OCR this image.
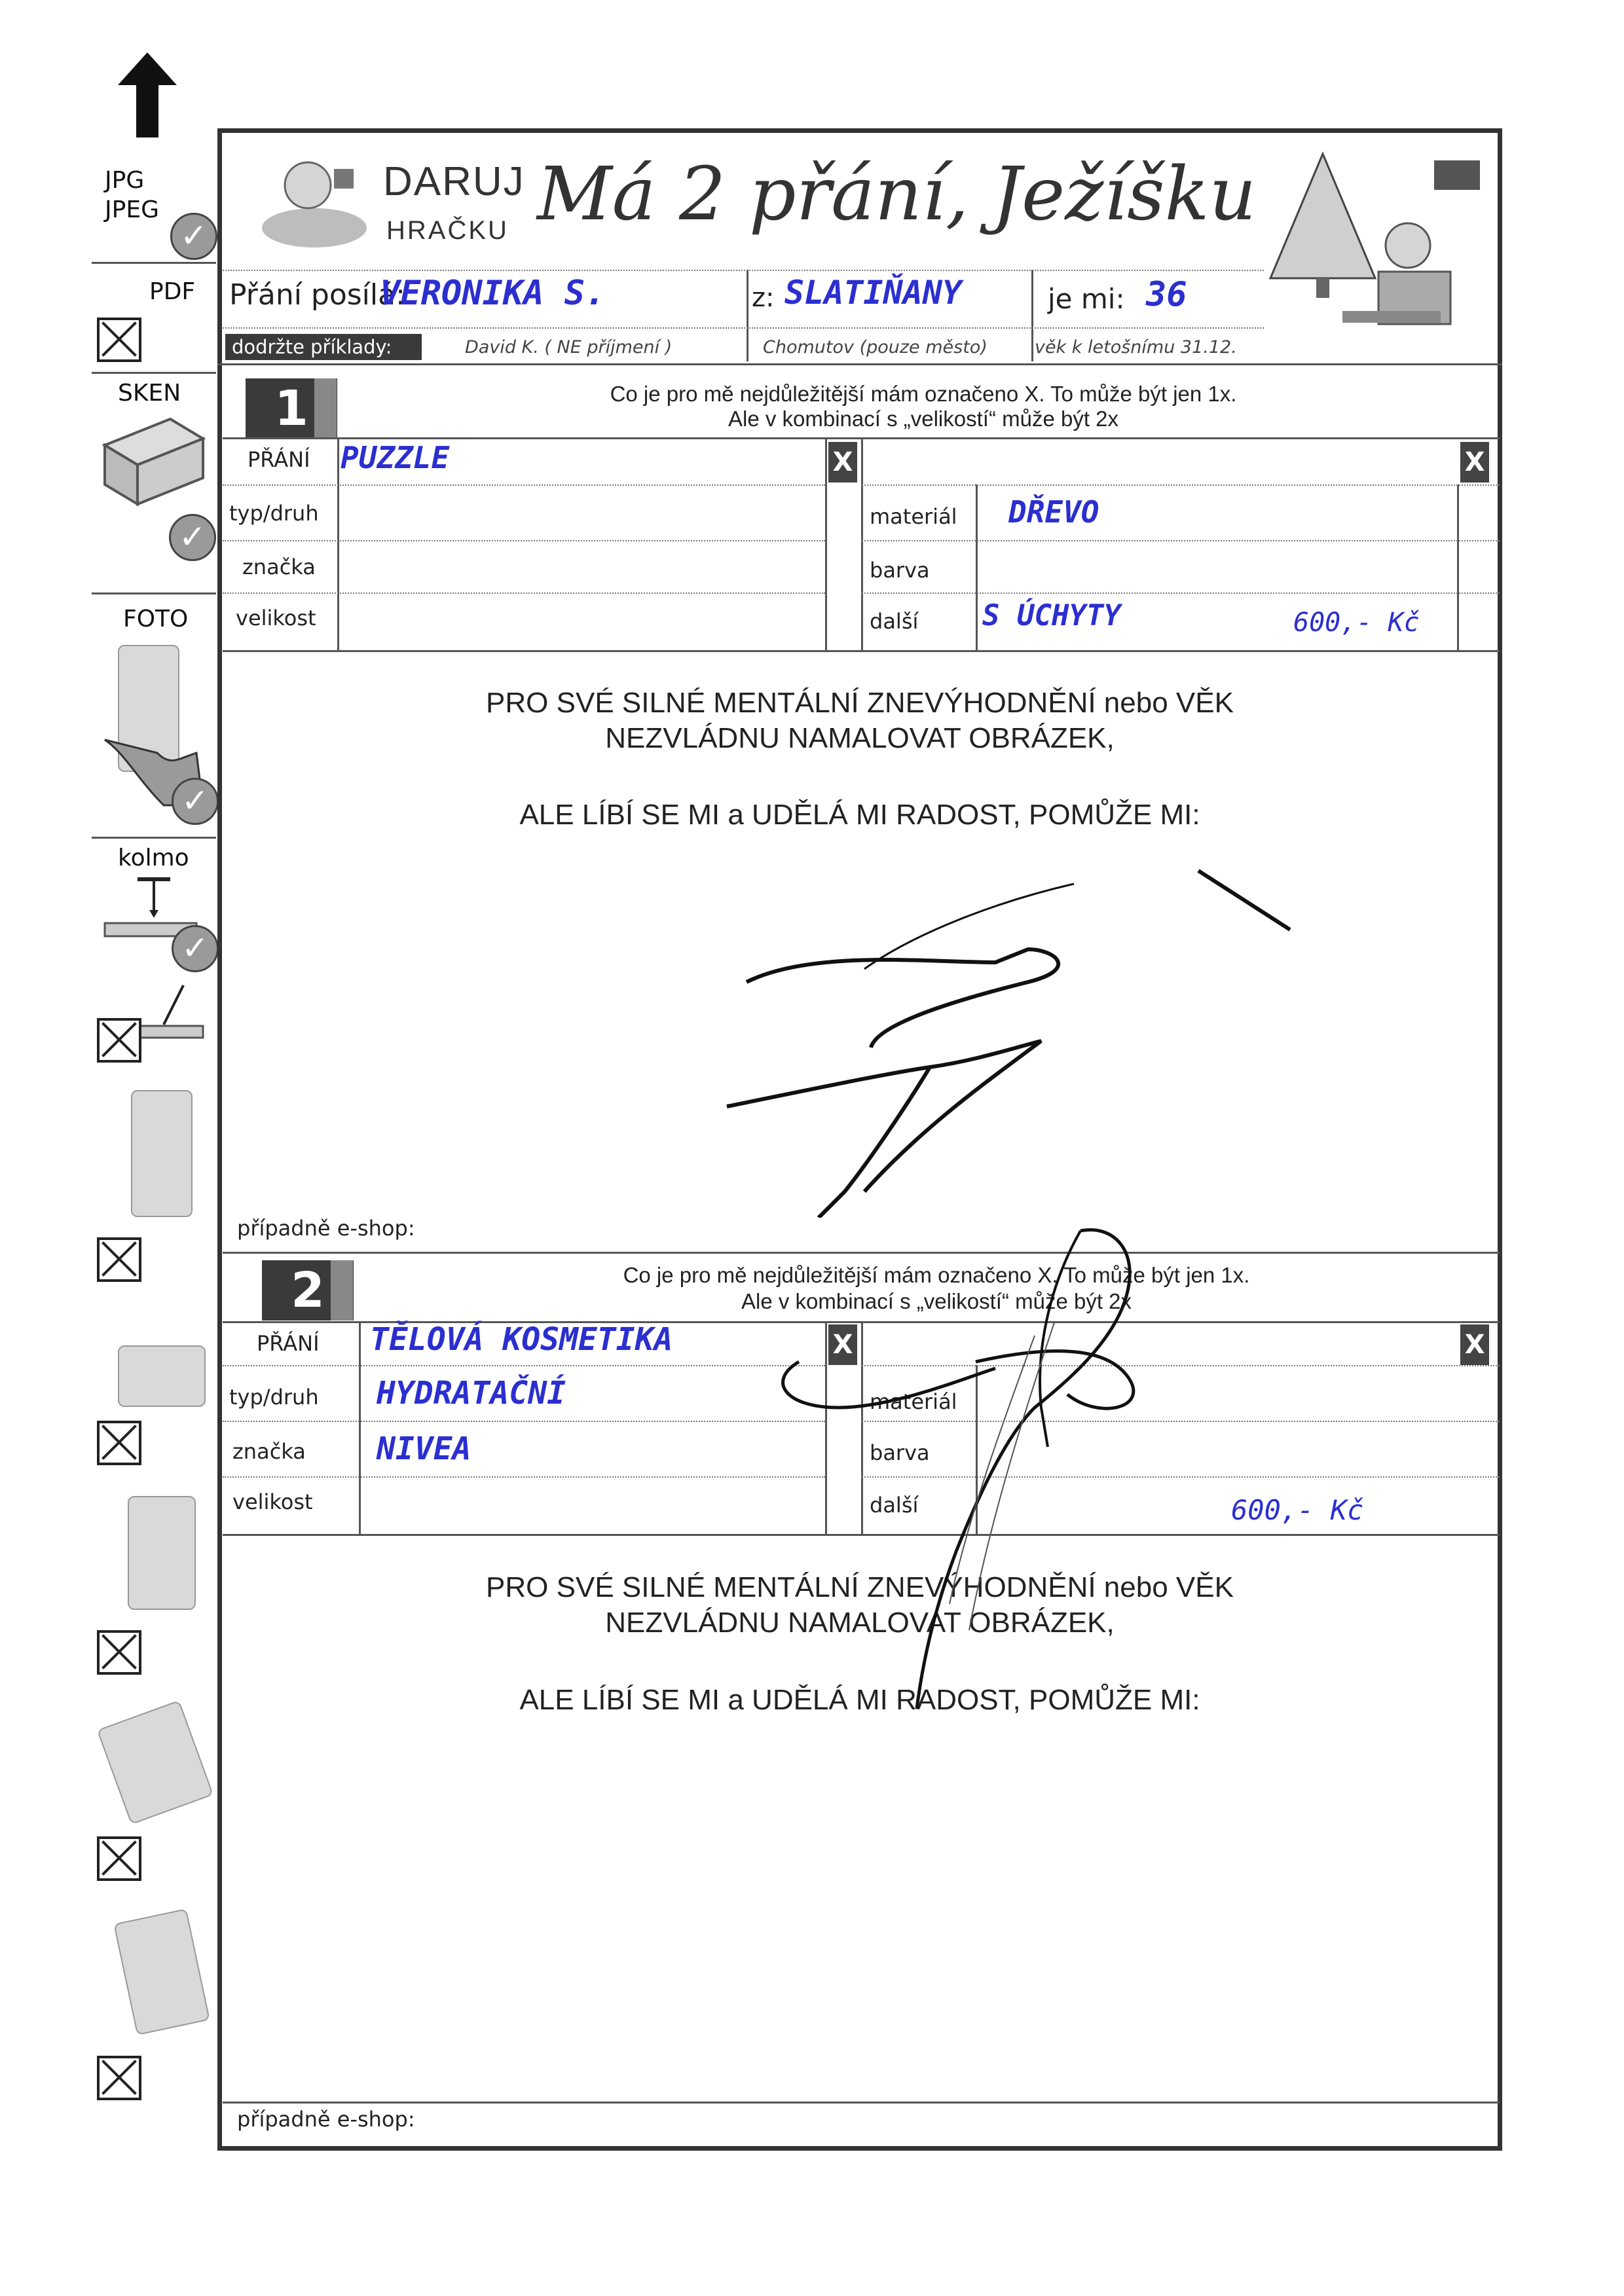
JPG
JPEG
✓
PDF
SKEN
✓
FOTO
✓
kolmo
✓
DARUJ
HRAČKU Má 2 přání, Ježíšku
Přání posílá:
VERONIKA S.	z: SLATIŇANY	je mi: 36
dodržte příklady:	David K. ( NE příjmení )	Chomutov (pouze město)	věk k letošnímu 31.12.
1	Co je pro mě nejdůležitější mám označeno X. To může být jen 1x.
Ale v kombinací s „velikostí“ může být 2x
X
PŘÁNÍ PUZZLE
typ/druh
značka
velikost
X
materiál DŘEVO
barva
další S ÚCHYTY	600,- Kč
PRO SVÉ SILNÉ MENTÁLNÍ ZNEVÝHODNĚNÍ nebo VĚK
NEZVLÁDNU NAMALOVAT OBRÁZEK,
ALE LÍBÍ SE MI a UDĚLÁ MI RADOST, POMŮŽE MI:
případně e-shop:
2	Co je pro mě nejdůležitější mám označeno X. To může být jen 1x.
Ale v kombinací s „velikostí“ může být 2x
X
PŘÁNÍ TĚLOVÁ KOSMETIKA
typ/druh HYDRATAČNÍ
značka NIVEA
velikost
X
materiál
barva
další	600,- Kč
PRO SVÉ SILNÉ MENTÁLNÍ ZNEVÝHODNĚNÍ nebo VĚK
NEZVLÁDNU NAMALOVAT OBRÁZEK,
ALE LÍBÍ SE MI a UDĚLÁ MI RADOST, POMŮŽE MI:
případně e-shop:
